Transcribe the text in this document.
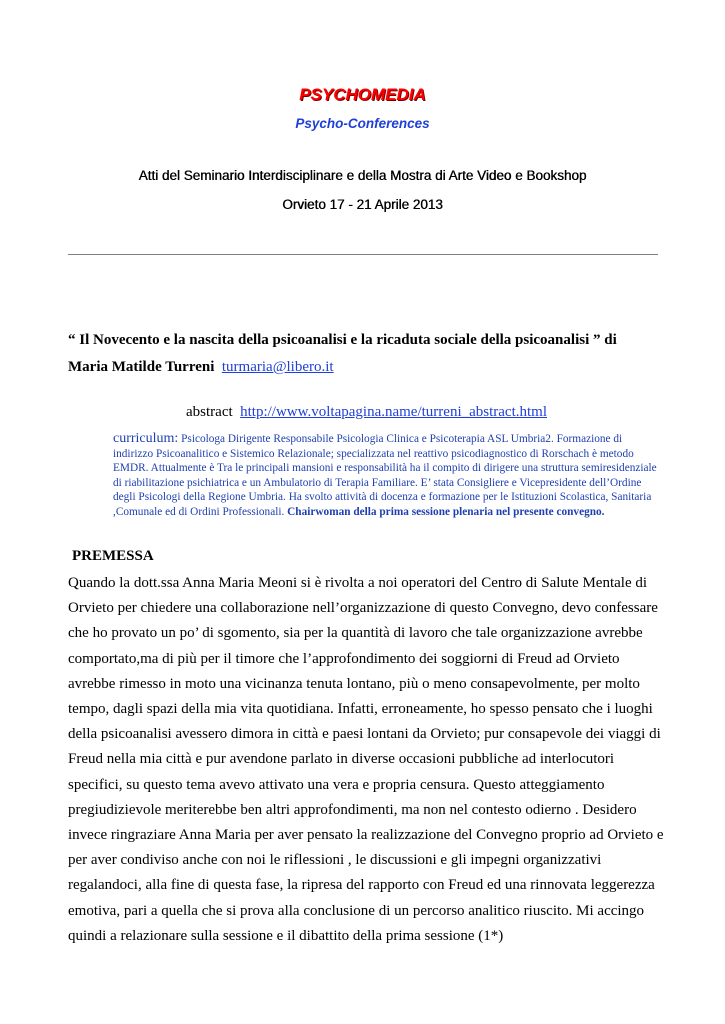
PSYCHOMEDIA
Psycho-Conferences
Atti del Seminario Interdisciplinare e della Mostra di Arte Video e Bookshop
Orvieto 17 - 21 Aprile 2013
“ Il Novecento e la nascita della psicoanalisi e la ricaduta sociale della psicoanalisi ” di Maria Matilde Turreni turmaria@libero.it
abstract http://www.voltapagina.name/turreni_abstract.html
curriculum: Psicologa Dirigente Responsabile Psicologia Clinica e Psicoterapia ASL Umbria2. Formazione di indirizzo Psicoanalitico e Sistemico Relazionale; specializzata nel reattivo psicodiagnostico di Rorschach è metodo EMDR. Attualmente è Tra le principali mansioni e responsabilità ha il compito di dirigere una struttura semiresidenziale di riabilitazione psichiatrica e un Ambulatorio di Terapia Familiare. E’ stata Consigliere e Vicepresidente dell’Ordine degli Psicologi della Regione Umbria. Ha svolto attività di docenza e formazione per le Istituzioni Scolastica, Sanitaria ,Comunale ed di Ordini Professionali. Chairwoman della prima sessione plenaria nel presente convegno.
PREMESSA
Quando la dott.ssa Anna Maria Meoni si è rivolta a noi operatori del Centro di Salute Mentale di
Orvieto per chiedere una collaborazione nell’organizzazione di questo Convegno, devo confessare
che ho provato un po’ di sgomento, sia per la quantità di lavoro che tale organizzazione avrebbe
comportato,ma di più per il timore che l’approfondimento dei soggiorni di Freud ad Orvieto
avrebbe rimesso in moto una vicinanza tenuta lontano, più o meno consapevolmente, per molto
tempo, dagli spazi della mia vita quotidiana. Infatti, erroneamente, ho spesso pensato che i luoghi
della psicoanalisi avessero dimora in città e paesi lontani da Orvieto; pur consapevole dei viaggi di
Freud nella mia città e pur avendone parlato in diverse occasioni pubbliche ad interlocutori
specifici, su questo tema avevo attivato una vera e propria censura. Questo atteggiamento
pregiudizievole meriterebbe ben altri approfondimenti, ma non nel contesto odierno . Desidero
invece ringraziare Anna Maria per aver pensato la realizzazione del Convegno proprio ad Orvieto e
per aver condiviso anche con noi le riflessioni , le discussioni e gli impegni organizzativi
regalandoci, alla fine di questa fase, la ripresa del rapporto con Freud ed una rinnovata leggerezza
emotiva, pari a quella che si prova alla conclusione di un percorso analitico riuscito. Mi accingo
quindi a relazionare sulla sessione e il dibattito della prima sessione (1*)
